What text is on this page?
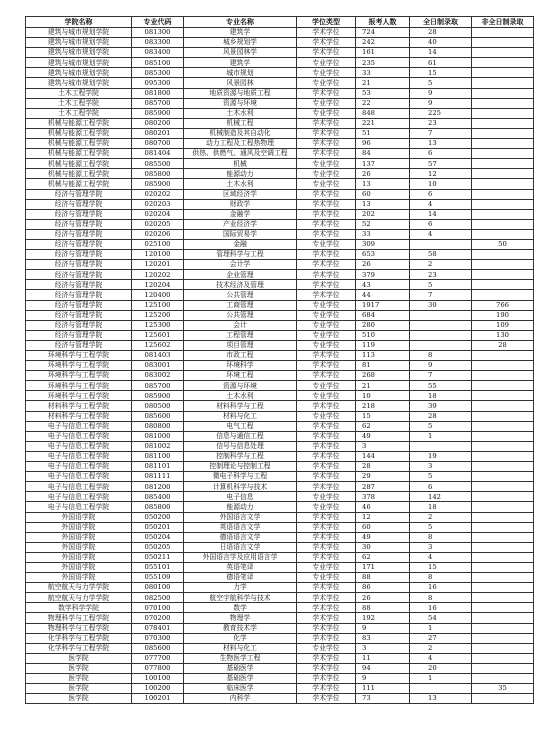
学院名称	专业代码	专业名称	学位类型	报考人数	全日制录取	非全日制录取
建筑与城市规划学院	081300	建筑学	学术学位	724	28	
建筑与城市规划学院	083300	城乡规划学	学术学位	242	40	
建筑与城市规划学院	083400	风景园林学	学术学位	161	14	
建筑与城市规划学院	085100	建筑学	专业学位	235	61	
建筑与城市规划学院	085300	城市规划	专业学位	33	15	
建筑与城市规划学院	095300	风景园林	专业学位	21	5	
土木工程学院	081800	地质资源与地质工程	学术学位	53	9	
土木工程学院	085700	资源与环境	专业学位	22	9	
土木工程学院	085900	土木水利	专业学位	848	225	
机械与能源工程学院	080200	机械工程	学术学位	221	23	
机械与能源工程学院	080201	机械制造及其自动化	学术学位	51	7	
机械与能源工程学院	080700	动力工程及工程热物理	学术学位	96	13	
机械与能源工程学院	081404	供热、供燃气、通风及空调工程	学术学位	84	6	
机械与能源工程学院	085500	机械	专业学位	137	57	
机械与能源工程学院	085800	能源动力	专业学位	26	12	
机械与能源工程学院	085900	土木水利	专业学位	13	10	
经济与管理学院	020202	区域经济学	学术学位	60	6	
经济与管理学院	020203	财政学	学术学位	13	4	
经济与管理学院	020204	金融学	学术学位	202	14	
经济与管理学院	020205	产业经济学	学术学位	52	6	
经济与管理学院	020206	国际贸易学	学术学位	33	4	
经济与管理学院	025100	金融	专业学位	309		50
经济与管理学院	120100	管理科学与工程	学术学位	653	58	
经济与管理学院	120201	会计学	学术学位	26	2	
经济与管理学院	120202	企业管理	学术学位	379	23	
经济与管理学院	120204	技术经济及管理	学术学位	43	5	
经济与管理学院	120400	公共管理	学术学位	44	7	
经济与管理学院	125100	工商管理	专业学位	1917	30	766
经济与管理学院	125200	公共管理	专业学位	684		190
经济与管理学院	125300	会计	专业学位	280		109
经济与管理学院	125601	工程管理	专业学位	510		130
经济与管理学院	125602	项目管理	专业学位	119		28
环境科学与工程学院	081403	市政工程	学术学位	113	8	
环境科学与工程学院	083001	环境科学	学术学位	81	9	
环境科学与工程学院	083002	环境工程	学术学位	268	7	
环境科学与工程学院	085700	资源与环境	专业学位	21	55	
环境科学与工程学院	085900	土木水利	专业学位	10	18	
材料科学与工程学院	080500	材料科学与工程	学术学位	218	39	
材料科学与工程学院	085600	材料与化工	专业学位	15	28	
电子与信息工程学院	080800	电气工程	学术学位	62	5	
电子与信息工程学院	081000	信息与通信工程	学术学位	49	1	
电子与信息工程学院	081002	信号与信息处理	学术学位	3		
电子与信息工程学院	081100	控制科学与工程	学术学位	144	19	
电子与信息工程学院	081101	控制理论与控制工程	学术学位	28	3	
电子与信息工程学院	081111	微电子科学与工程	学术学位	29	5	
电子与信息工程学院	081200	计算机科学与技术	学术学位	287	6	
电子与信息工程学院	085400	电子信息	专业学位	378	142	
电子与信息工程学院	085800	能源动力	专业学位	46	18	
外国语学院	050200	外国语言文学	学术学位	12	2	
外国语学院	050201	英语语言文学	学术学位	60	5	
外国语学院	050204	德语语言文学	学术学位	49	8	
外国语学院	050205	日语语言文学	学术学位	30	3	
外国语学院	050211	外国语言学及应用语言学	学术学位	62	4	
外国语学院	055101	英语笔译	专业学位	171	15	
外国语学院	055109	德语笔译	专业学位	88	8	
航空航天与力学学院	080100	力学	学术学位	86	16	
航空航天与力学学院	082500	航空宇航科学与技术	学术学位	26	8	
数学科学学院	070100	数学	学术学位	88	16	
物理科学与工程学院	070200	物理学	学术学位	192	54	
物理科学与工程学院	078401	教育技术学	学术学位	9	1	
化学科学与工程学院	070300	化学	学术学位	83	27	
化学科学与工程学院	085600	材料与化工	专业学位	3	2	
医学院	077700	生物医学工程	学术学位	11	4	
医学院	077800	基础医学	学术学位	94	20	
医学院	100100	基础医学	学术学位	9	1	
医学院	100200	临床医学	学术学位	111		35
医学院	100201	内科学	学术学位	73	13	
